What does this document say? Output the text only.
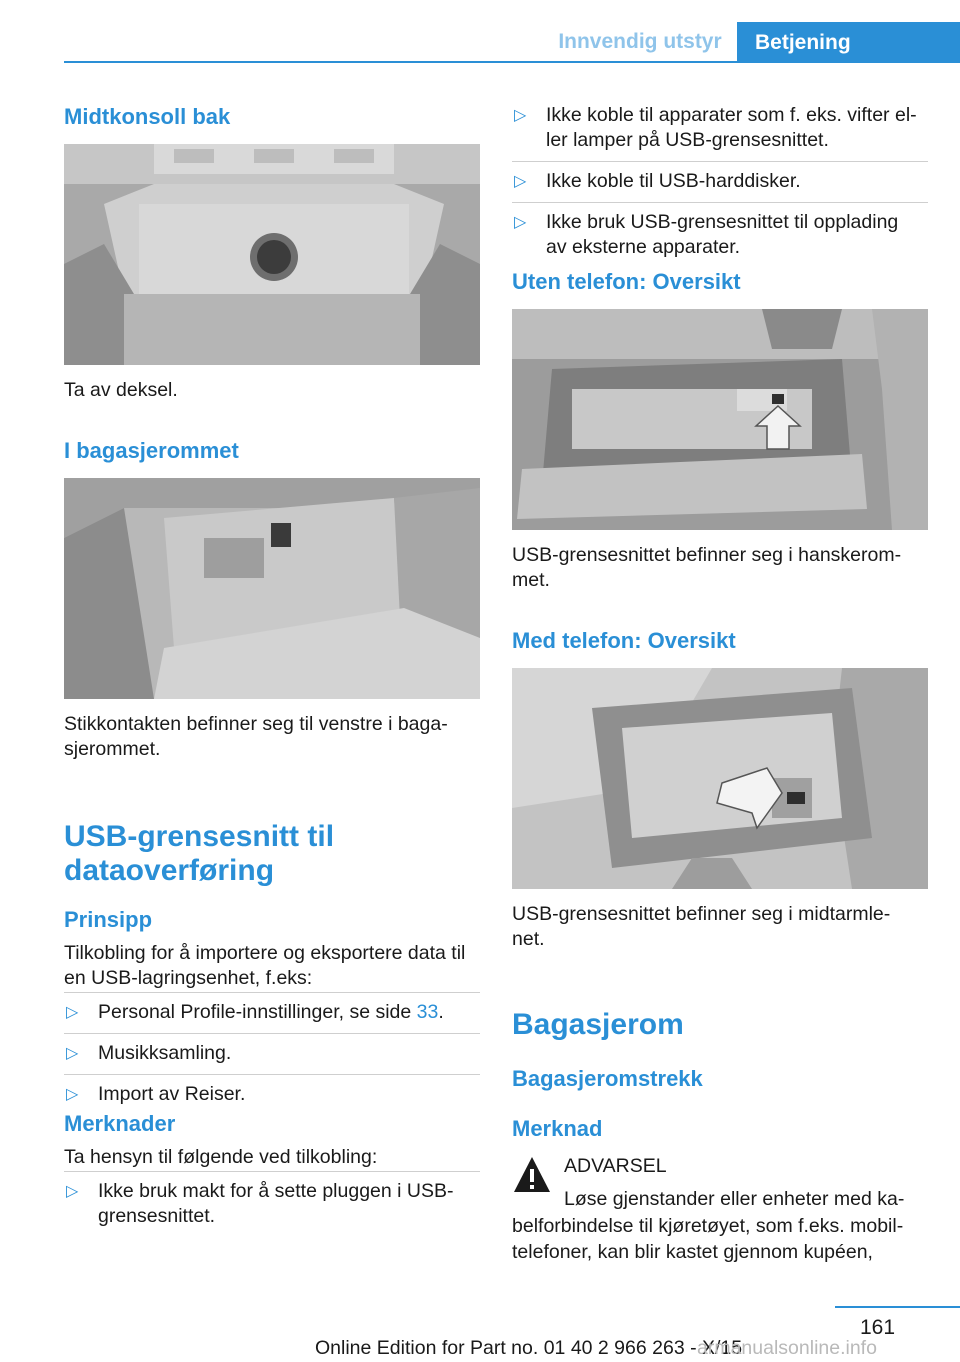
Innvendig utstyr	Betjening
Midtkonsoll bak
Ta av deksel.
I bagasjerommet
Stikkontakten befinner seg til venstre i baga-
sjerommet.
USB-grensesnitt til
dataoverføring
Prinsipp
Tilkobling for å importere og eksportere data til
en USB-lagringsenhet, f.eks:
▷ Personal Profile-innstillinger, se side 33.
▷ Musikksamling.
▷ Import av Reiser.
Merknader
Ta hensyn til følgende ved tilkobling:
▷ Ikke bruk makt for å sette pluggen i USB-
grensesnittet.
▷ Ikke koble til apparater som f. eks. vifter el-
ler lamper på USB-grensesnittet.
▷ Ikke koble til USB-harddisker.
▷ Ikke bruk USB-grensesnittet til opplading
av eksterne apparater.
Uten telefon: Oversikt
USB-grensesnittet befinner seg i hanskerom-
met.
Med telefon: Oversikt
USB-grensesnittet befinner seg i midtarmle-
net.
Bagasjerom
Bagasjeromstrekk
Merknad
ADVARSEL
Løse gjenstander eller enheter med ka-
belforbindelse til kjøretøyet, som f.eks. mobil-
telefoner, kan blir kastet gjennom kupéen,
161
Online Edition for Part no. 01 40 2 966 263 - X/15
armanualsonline.info
